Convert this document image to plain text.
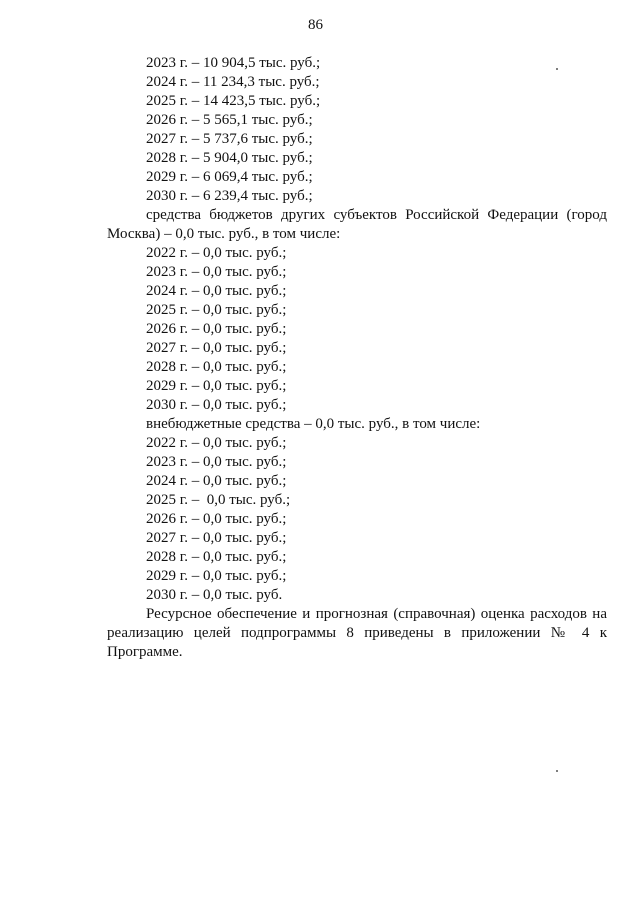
86
2023 г. – 10 904,5 тыс. руб.;
2024 г. – 11 234,3 тыс. руб.;
2025 г. – 14 423,5 тыс. руб.;
2026 г. – 5 565,1 тыс. руб.;
2027 г. – 5 737,6 тыс. руб.;
2028 г. – 5 904,0 тыс. руб.;
2029 г. – 6 069,4 тыс. руб.;
2030 г. – 6 239,4 тыс. руб.;
средства бюджетов других субъектов Российской Федерации (город Москва) – 0,0 тыс. руб., в том числе:
2022 г. – 0,0 тыс. руб.;
2023 г. – 0,0 тыс. руб.;
2024 г. – 0,0 тыс. руб.;
2025 г. – 0,0 тыс. руб.;
2026 г. – 0,0 тыс. руб.;
2027 г. – 0,0 тыс. руб.;
2028 г. – 0,0 тыс. руб.;
2029 г. – 0,0 тыс. руб.;
2030 г. – 0,0 тыс. руб.;
внебюджетные средства – 0,0 тыс. руб., в том числе:
2022 г. – 0,0 тыс. руб.;
2023 г. – 0,0 тыс. руб.;
2024 г. – 0,0 тыс. руб.;
2025 г. –  0,0 тыс. руб.;
2026 г. – 0,0 тыс. руб.;
2027 г. – 0,0 тыс. руб.;
2028 г. – 0,0 тыс. руб.;
2029 г. – 0,0 тыс. руб.;
2030 г. – 0,0 тыс. руб.
Ресурсное обеспечение и прогнозная (справочная) оценка расходов на реализацию целей подпрограммы 8 приведены в приложении № 4 к Программе.
